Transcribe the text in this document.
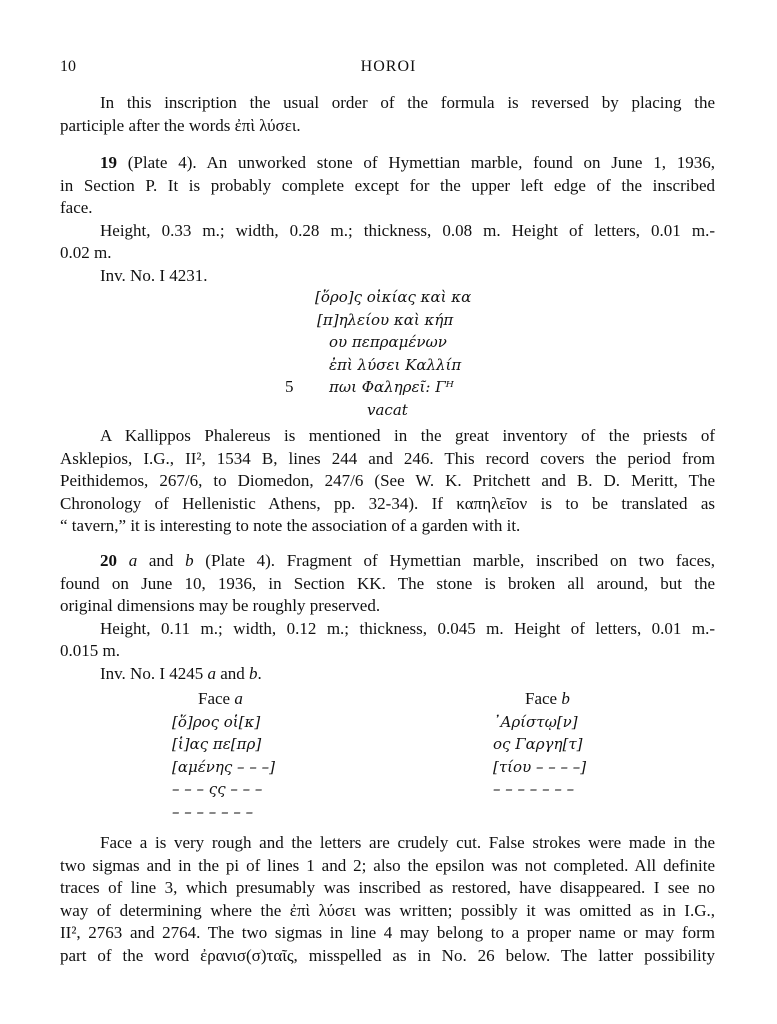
10	HOROI
In this inscription the usual order of the formula is reversed by placing the
participle after the words ἐπὶ λύσει.
19 (Plate 4). An unworked stone of Hymettian marble, found on June 1, 1936,
in Section P. It is probably complete except for the upper left edge of the inscribed
face.
Height, 0.33 m.; width, 0.28 m.; thickness, 0.08 m. Height of letters, 0.01 m.-
0.02 m.
Inv. No. I 4231.
[ὅρο]ς οἰκίας καὶ κα
[π]ηλείου καὶ κήπ
ου πεπραμένων
ἐπὶ λύσει Καλλίπ
5 πωι Φαληρεῖ: Γᴴ
vacat
A Kallippos Phalereus is mentioned in the great inventory of the priests of
Asklepios, I.G., II², 1534 B, lines 244 and 246. This record covers the period from
Peithidemos, 267/6, to Diomedon, 247/6 (See W. K. Pritchett and B. D. Meritt, The
Chronology of Hellenistic Athens, pp. 32-34). If καπηλεῖον is to be translated as
“ tavern,” it is interesting to note the association of a garden with it.
20 a and b (Plate 4). Fragment of Hymettian marble, inscribed on two faces,
found on June 10, 1936, in Section KK. The stone is broken all around, but the
original dimensions may be roughly preserved.
Height, 0.11 m.; width, 0.12 m.; thickness, 0.045 m. Height of letters, 0.01 m.-
0.015 m.
Inv. No. I 4245 a and b.
Face a
[ὅ]ρος οἱ[κ]
[ἱ]ας πε[πρ]
[αμένης – – –]
– – – ςς – – –
– – – – – – –
Face b
᾿Αρίστῳ[ν]
ος Γαργη[τ]
[τίου – – – –]
– – – – – – –
Face a is very rough and the letters are crudely cut. False strokes were made in the
two sigmas and in the pi of lines 1 and 2; also the epsilon was not completed. All definite
traces of line 3, which presumably was inscribed as restored, have disappeared. I see no
way of determining where the ἐπὶ λύσει was written; possibly it was omitted as in I.G.,
II², 2763 and 2764. The two sigmas in line 4 may belong to a proper name or may form
part of the word ἐρανισ(σ)ταῖς, misspelled as in No. 26 below. The latter possibility
